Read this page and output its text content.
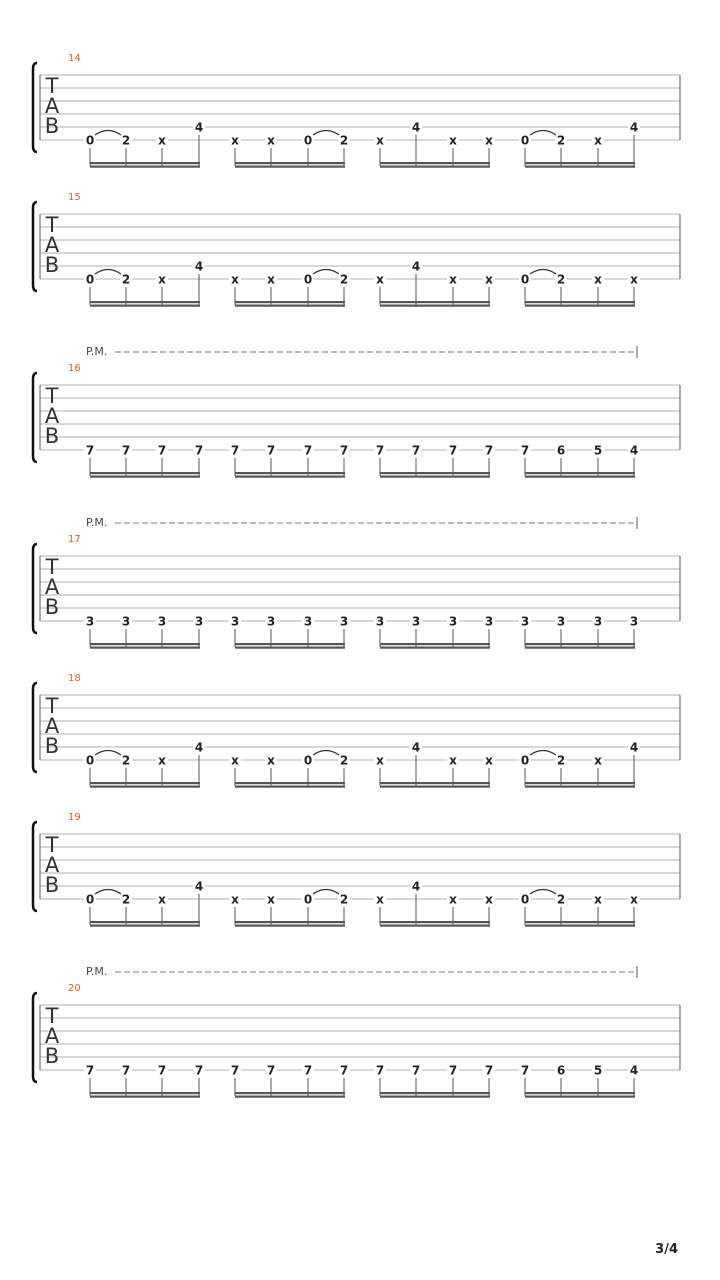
14
T
A
B
0 2 x
4
x x 0 2 x
4
x x 0 2 x
4
15
T
A
B
0 2 x
4
x x 0 2 x
4
x x 0 2 x x
P.M.
16
T
A
B
7 7 7 7 7 7 7 7 7 7 7 7 7 6 5 4
P.M.
17
T
A
B
3 3 3 3 3 3 3 3 3 3 3 3 3 3 3 3
18
T
A
B
0 2 x
4
x x 0 2 x
4
x x 0 2 x
4
19
T
A
B
0 2 x
4
x x 0 2 x
4
x x 0 2 x x
P.M.
20
T
A
B
7 7 7 7 7 7 7 7 7 7 7 7 7 6 5 4
3/4
